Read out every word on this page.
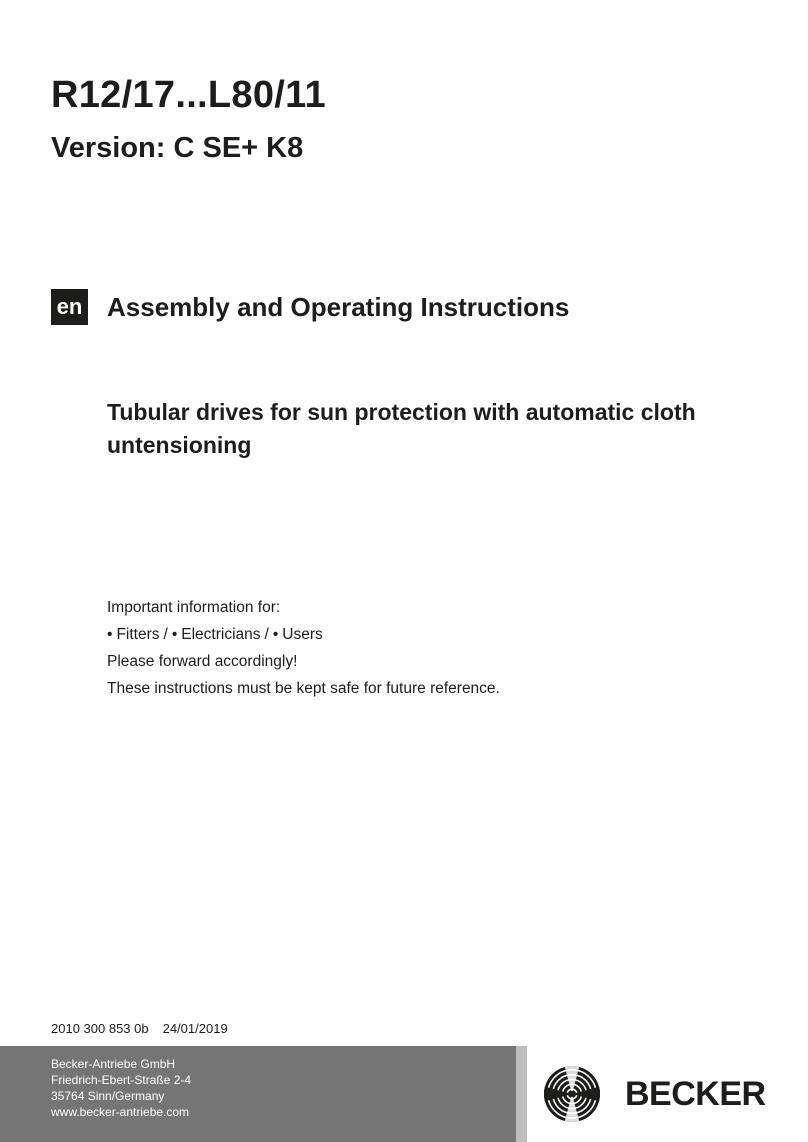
R12/17...L80/11
Version: C SE+ K8
en Assembly and Operating Instructions
Tubular drives for sun protection with automatic cloth untensioning
Important information for:
• Fitters / • Electricians / • Users
Please forward accordingly!
These instructions must be kept safe for future reference.
2010 300 853 0b 24/01/2019
Becker-Antriebe GmbH
Friedrich-Ebert-Straße 2-4
35764 Sinn/Germany
www.becker-antriebe.com	BECKER
